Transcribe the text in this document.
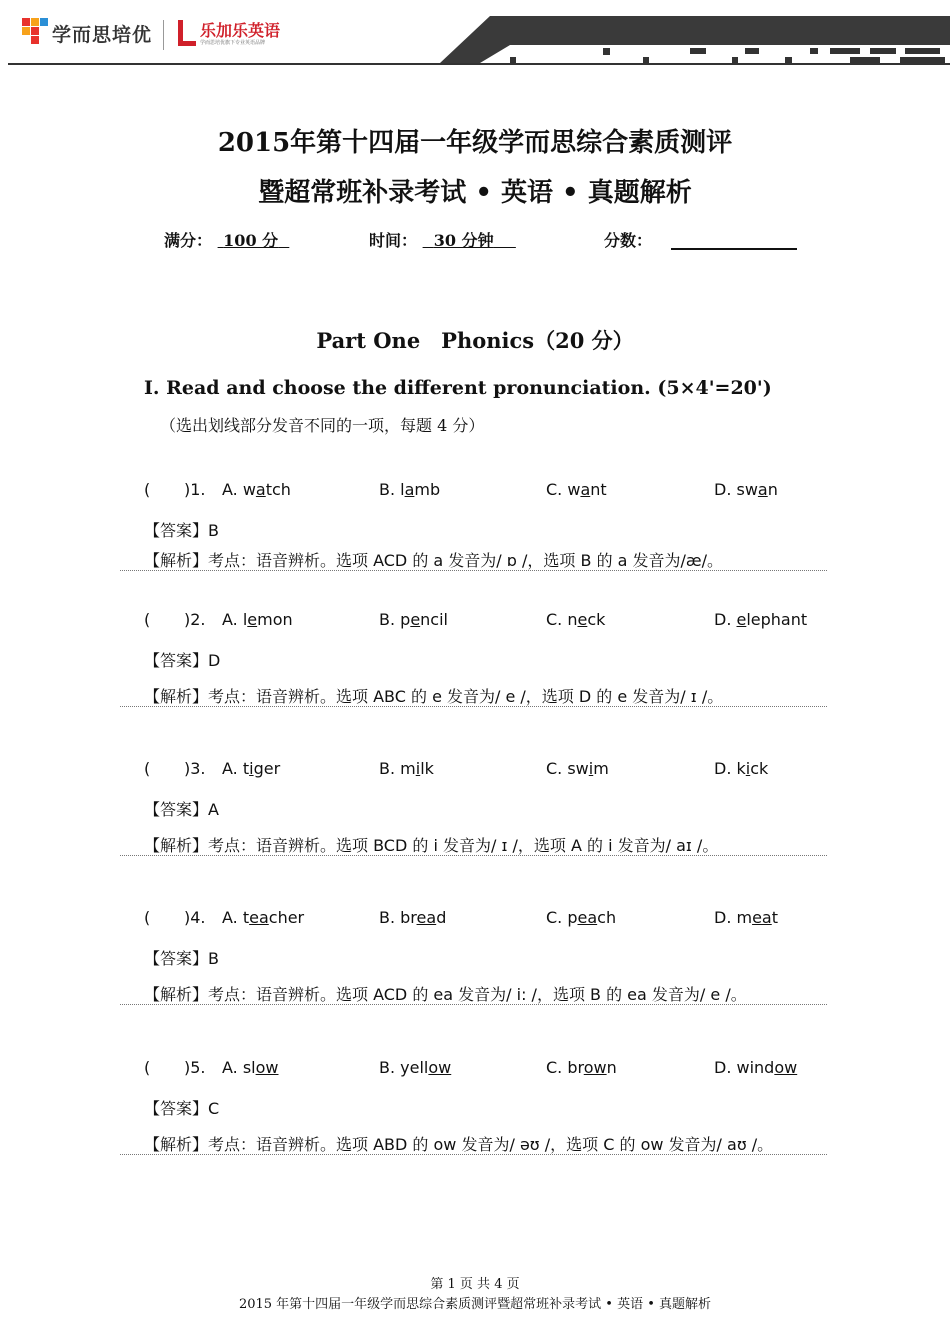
学而思培优	乐加乐英语
学而思培优旗下专业英语品牌
2015年第十四届一年级学而思综合素质测评
暨超常班补录考试 • 英语 • 真题解析
满分： 100 分	时间： 30 分钟	分数：
Part One　Phonics（20 分）
I. Read and choose the different pronunciation. (5×4'=20')
（选出划线部分发音不同的一项，每题 4 分）
( )1. A. watch	B. lamb	C. want	D. swan
【答案】B
【解析】考点：语音辨析。选项 ACD 的 a 发音为/ ɒ /，选项 B 的 a 发音为/æ/。
( )2. A. lemon	B. pencil	C. neck	D. elephant
【答案】D
【解析】考点：语音辨析。选项 ABC 的 e 发音为/ e /，选项 D 的 e 发音为/ ɪ /。
( )3. A. tiger	B. milk	C. swim	D. kick
【答案】A
【解析】考点：语音辨析。选项 BCD 的 i 发音为/ ɪ /，选项 A 的 i 发音为/ aɪ /。
( )4. A. teacher	B. bread	C. peach	D. meat
【答案】B
【解析】考点：语音辨析。选项 ACD 的 ea 发音为/ i: /，选项 B 的 ea 发音为/ e /。
( )5. A. slow	B. yellow	C. brown	D. window
【答案】C
【解析】考点：语音辨析。选项 ABD 的 ow 发音为/ əʊ /，选项 C 的 ow 发音为/ aʊ /。
第 1 页 共 4 页
2015 年第十四届一年级学而思综合素质测评暨超常班补录考试 • 英语 • 真题解析
